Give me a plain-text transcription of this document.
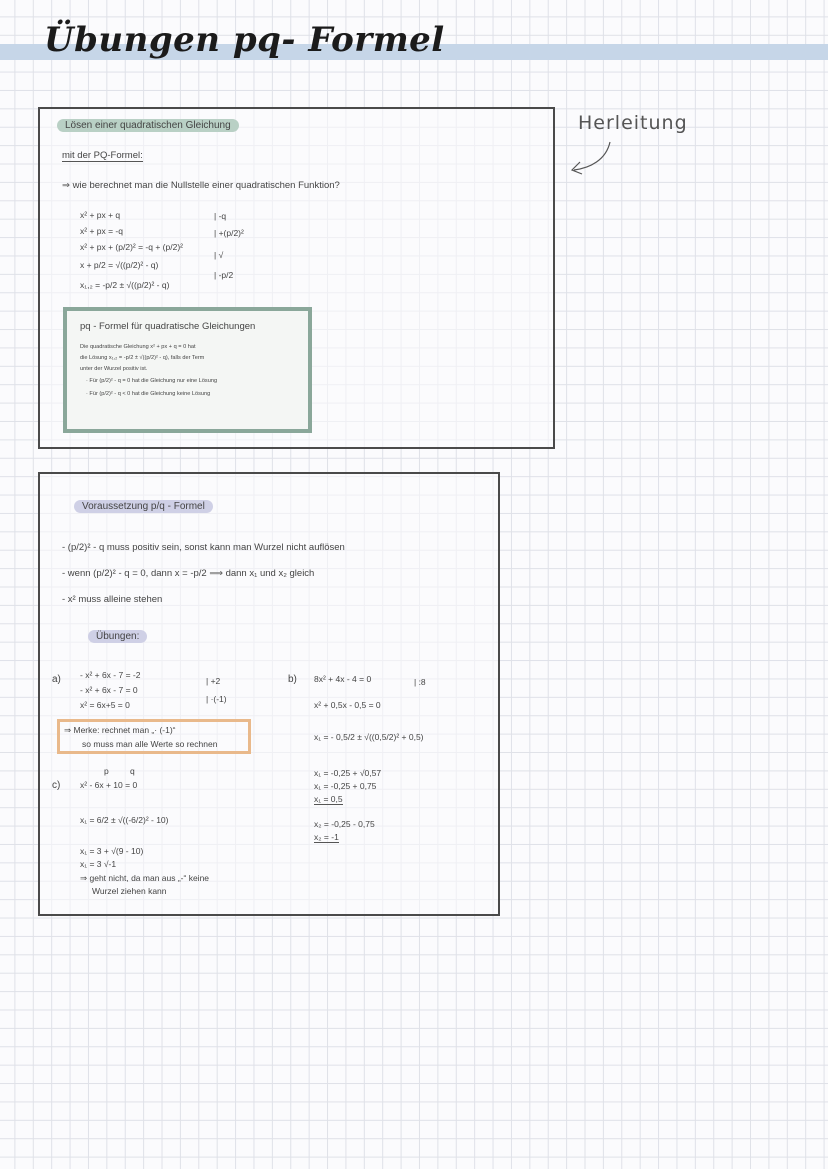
Übungen pq- Formel
Herleitung
Lösen einer quadratischen Gleichung
mit der PQ-Formel:
⇒ wie berechnet man die Nullstelle einer quadratischen Funktion?
x² + px + q
x² + px = -q
x² + px + (p/2)² = -q + (p/2)²
x + p/2 = √((p/2)² - q)
x₁,₂ = -p/2 ± √((p/2)² - q)
| -q
| +(p/2)²
| √
| -p/2
pq - Formel für quadratische Gleichungen
Die quadratische Gleichung x² + px + q = 0 hat
die Lösung x₁,₂ = -p/2 ± √((p/2)² - q), falls der Term
unter der Wurzel positiv ist.
· Für (p/2)² - q = 0 hat die Gleichung nur eine Lösung
· Für (p/2)² - q < 0 hat die Gleichung keine Lösung
Voraussetzung p/q - Formel
- (p/2)² - q muss positiv sein, sonst kann man Wurzel nicht auflösen
- wenn (p/2)² - q = 0, dann x = -p/2 ⟹ dann x₁ und x₂ gleich
- x² muss alleine stehen
Übungen:
a) - x² + 6x - 7 = -2
- x² + 6x - 7 = 0
x² = 6x+5 = 0
| +2
| ·(-1)
⇒ Merke: rechnet man „· (-1)“
so muss man alle Werte so rechnen
c)
p	q
x² - 6x + 10 = 0
x₁ = 6/2 ± √((-6/2)² - 10)
x₁ = 3 + √(9 - 10)
x₁ = 3 √-1
⇒ geht nicht, da man aus „-“ keine
Wurzel ziehen kann
b) 8x² + 4x - 4 = 0	| :8
x² + 0,5x - 0,5 = 0
x₁ = - 0,5/2 ± √((0,5/2)² + 0,5)
x₁ = -0,25 + √0,57
x₁ = -0,25 + 0,75
x₁ = 0,5
x₂ = -0,25 - 0,75
x₂ = -1
